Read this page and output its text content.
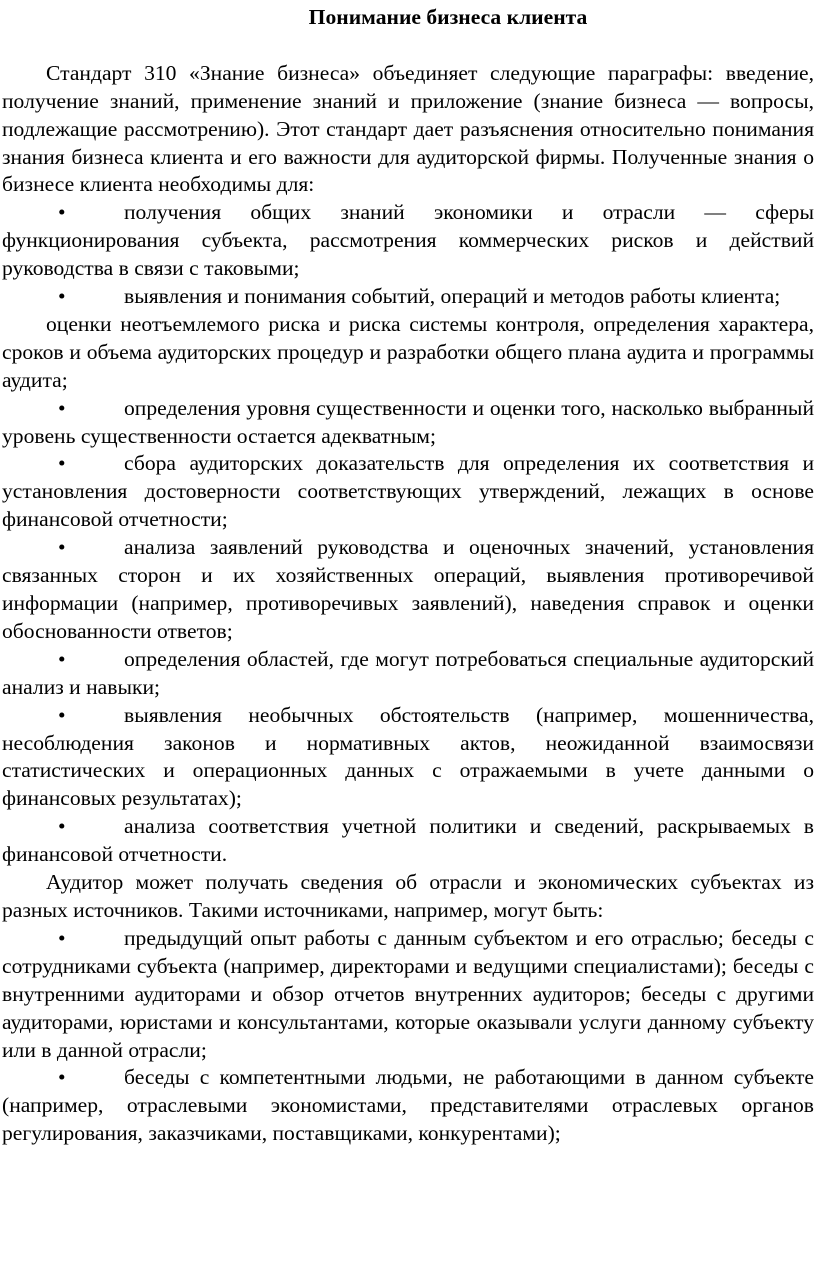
Понимание бизнеса клиента

Стандарт 310 «Знание бизнеса» объединяет следующие параграфы: введение, получение знаний, применение знаний и приложение (знание бизнеса — вопросы, подлежащие рассмотрению). Этот стандарт дает разъяснения относительно понимания знания бизнеса клиента и его важности для аудиторской фирмы. Полученные знания о бизнесе клиента необходимы для:

•	получения общих знаний экономики и отрасли — сферы функционирования субъекта, рассмотрения коммерческих рисков и действий руководства в связи с таковыми;

•	выявления и понимания событий, операций и методов работы клиента;

оценки неотъемлемого риска и риска системы контроля, определения характера, сроков и объема аудиторских процедур и разработки общего плана аудита и программы аудита;

•	определения уровня существенности и оценки того, насколько выбранный уровень существенности остается адекватным;

•	сбора аудиторских доказательств для определения их соответствия и установления достоверности соответствующих утверждений, лежащих в основе финансовой отчетности;

•	анализа заявлений руководства и оценочных значений, установления связанных сторон и их хозяйственных операций, выявления противоречивой информации (например, противоречивых заявлений), наведения справок и оценки обоснованности ответов;

•	определения областей, где могут потребоваться специальные аудиторский анализ и навыки;

•	выявления необычных обстоятельств (например, мошенничества, несоблюдения законов и нормативных актов, неожиданной взаимосвязи статистических и операционных данных с отражаемыми в учете данными о финансовых результатах);

•	анализа соответствия учетной политики и сведений, раскрываемых в финансовой отчетности.

Аудитор может получать сведения об отрасли и экономических субъектах из разных источников. Такими источниками, например, могут быть:

•	предыдущий опыт работы с данным субъектом и его отраслью; беседы с сотрудниками субъекта (например, директорами и ведущими специалистами); беседы с внутренними аудиторами и обзор отчетов внутренних аудиторов; беседы с другими аудиторами, юристами и консультантами, которые оказывали услуги данному субъекту или в данной отрасли;

•	беседы с компетентными людьми, не работающими в данном субъекте (например, отраслевыми экономистами, представителями отраслевых органов регулирования, заказчиками, поставщиками, конкурентами);
